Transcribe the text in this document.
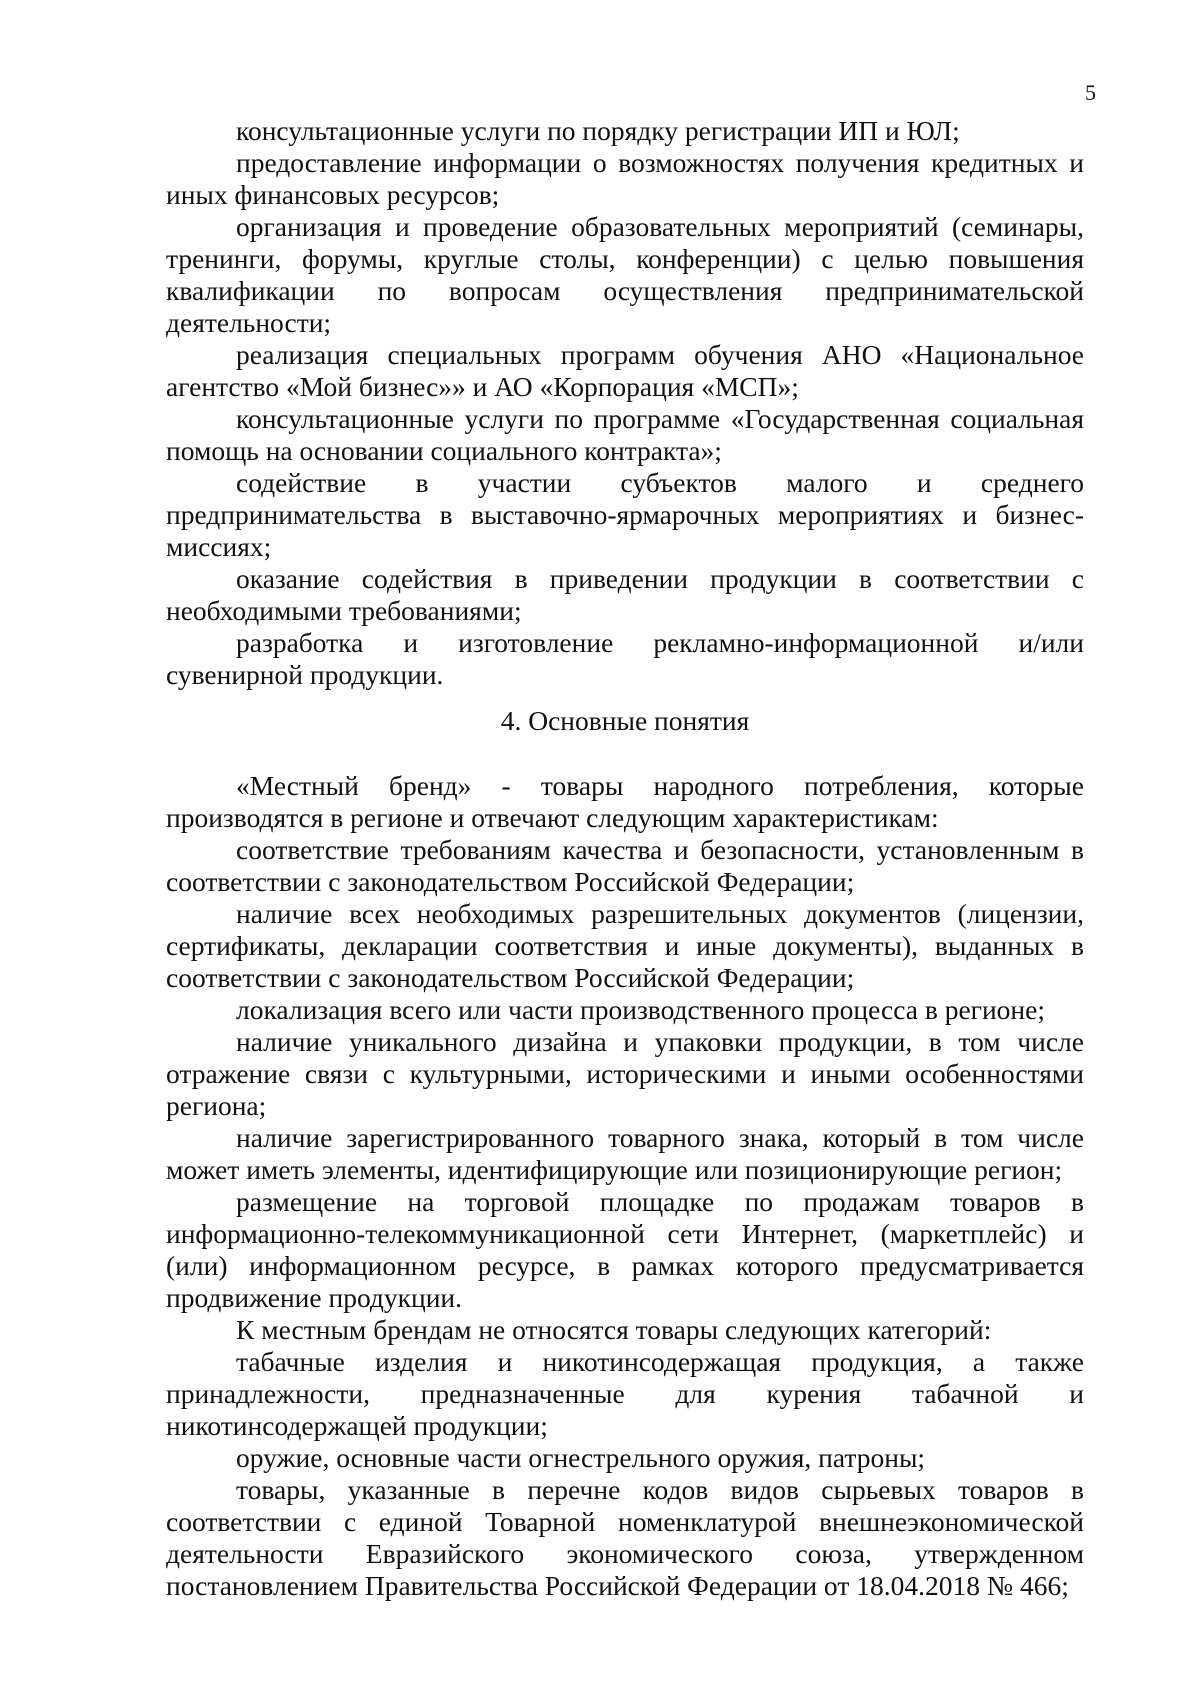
5

консультационные услуги по порядку регистрации ИП и ЮЛ;

предоставление информации о возможностях получения кредитных и иных финансовых ресурсов;

организация и проведение образовательных мероприятий (семинары, тренинги, форумы, круглые столы, конференции) с целью повышения квалификации по вопросам осуществления предпринимательской деятельности;

реализация специальных программ обучения АНО «Национальное агентство «Мой бизнес»» и АО «Корпорация «МСП»;

консультационные услуги по программе «Государственная социальная помощь на основании социального контракта»;

содействие в участии субъектов малого и среднего предпринимательства в выставочно-ярмарочных мероприятиях и бизнес-миссиях;

оказание содействия в приведении продукции в соответствии с необходимыми требованиями;

разработка и изготовление рекламно-информационной и/или сувенирной продукции.

4. Основные понятия

«Местный бренд» - товары народного потребления, которые производятся в регионе и отвечают следующим характеристикам:

соответствие требованиям качества и безопасности, установленным в соответствии с законодательством Российской Федерации;

наличие всех необходимых разрешительных документов (лицензии, сертификаты, декларации соответствия и иные документы), выданных в соответствии с законодательством Российской Федерации;

локализация всего или части производственного процесса в регионе;

наличие уникального дизайна и упаковки продукции, в том числе отражение связи с культурными, историческими и иными особенностями региона;

наличие зарегистрированного товарного знака, который в том числе может иметь элементы, идентифицирующие или позиционирующие регион;

размещение на торговой площадке по продажам товаров в информационно-телекоммуникационной сети Интернет, (маркетплейс) и (или) информационном ресурсе, в рамках которого предусматривается продвижение продукции.

К местным брендам не относятся товары следующих категорий:

табачные изделия и никотинсодержащая продукция, а также принадлежности, предназначенные для курения табачной и никотинсодержащей продукции;

оружие, основные части огнестрельного оружия, патроны;

товары, указанные в перечне кодов видов сырьевых товаров в соответствии с единой Товарной номенклатурой внешнеэкономической деятельности Евразийского экономического союза, утвержденном постановлением Правительства Российской Федерации от 18.04.2018 № 466;
